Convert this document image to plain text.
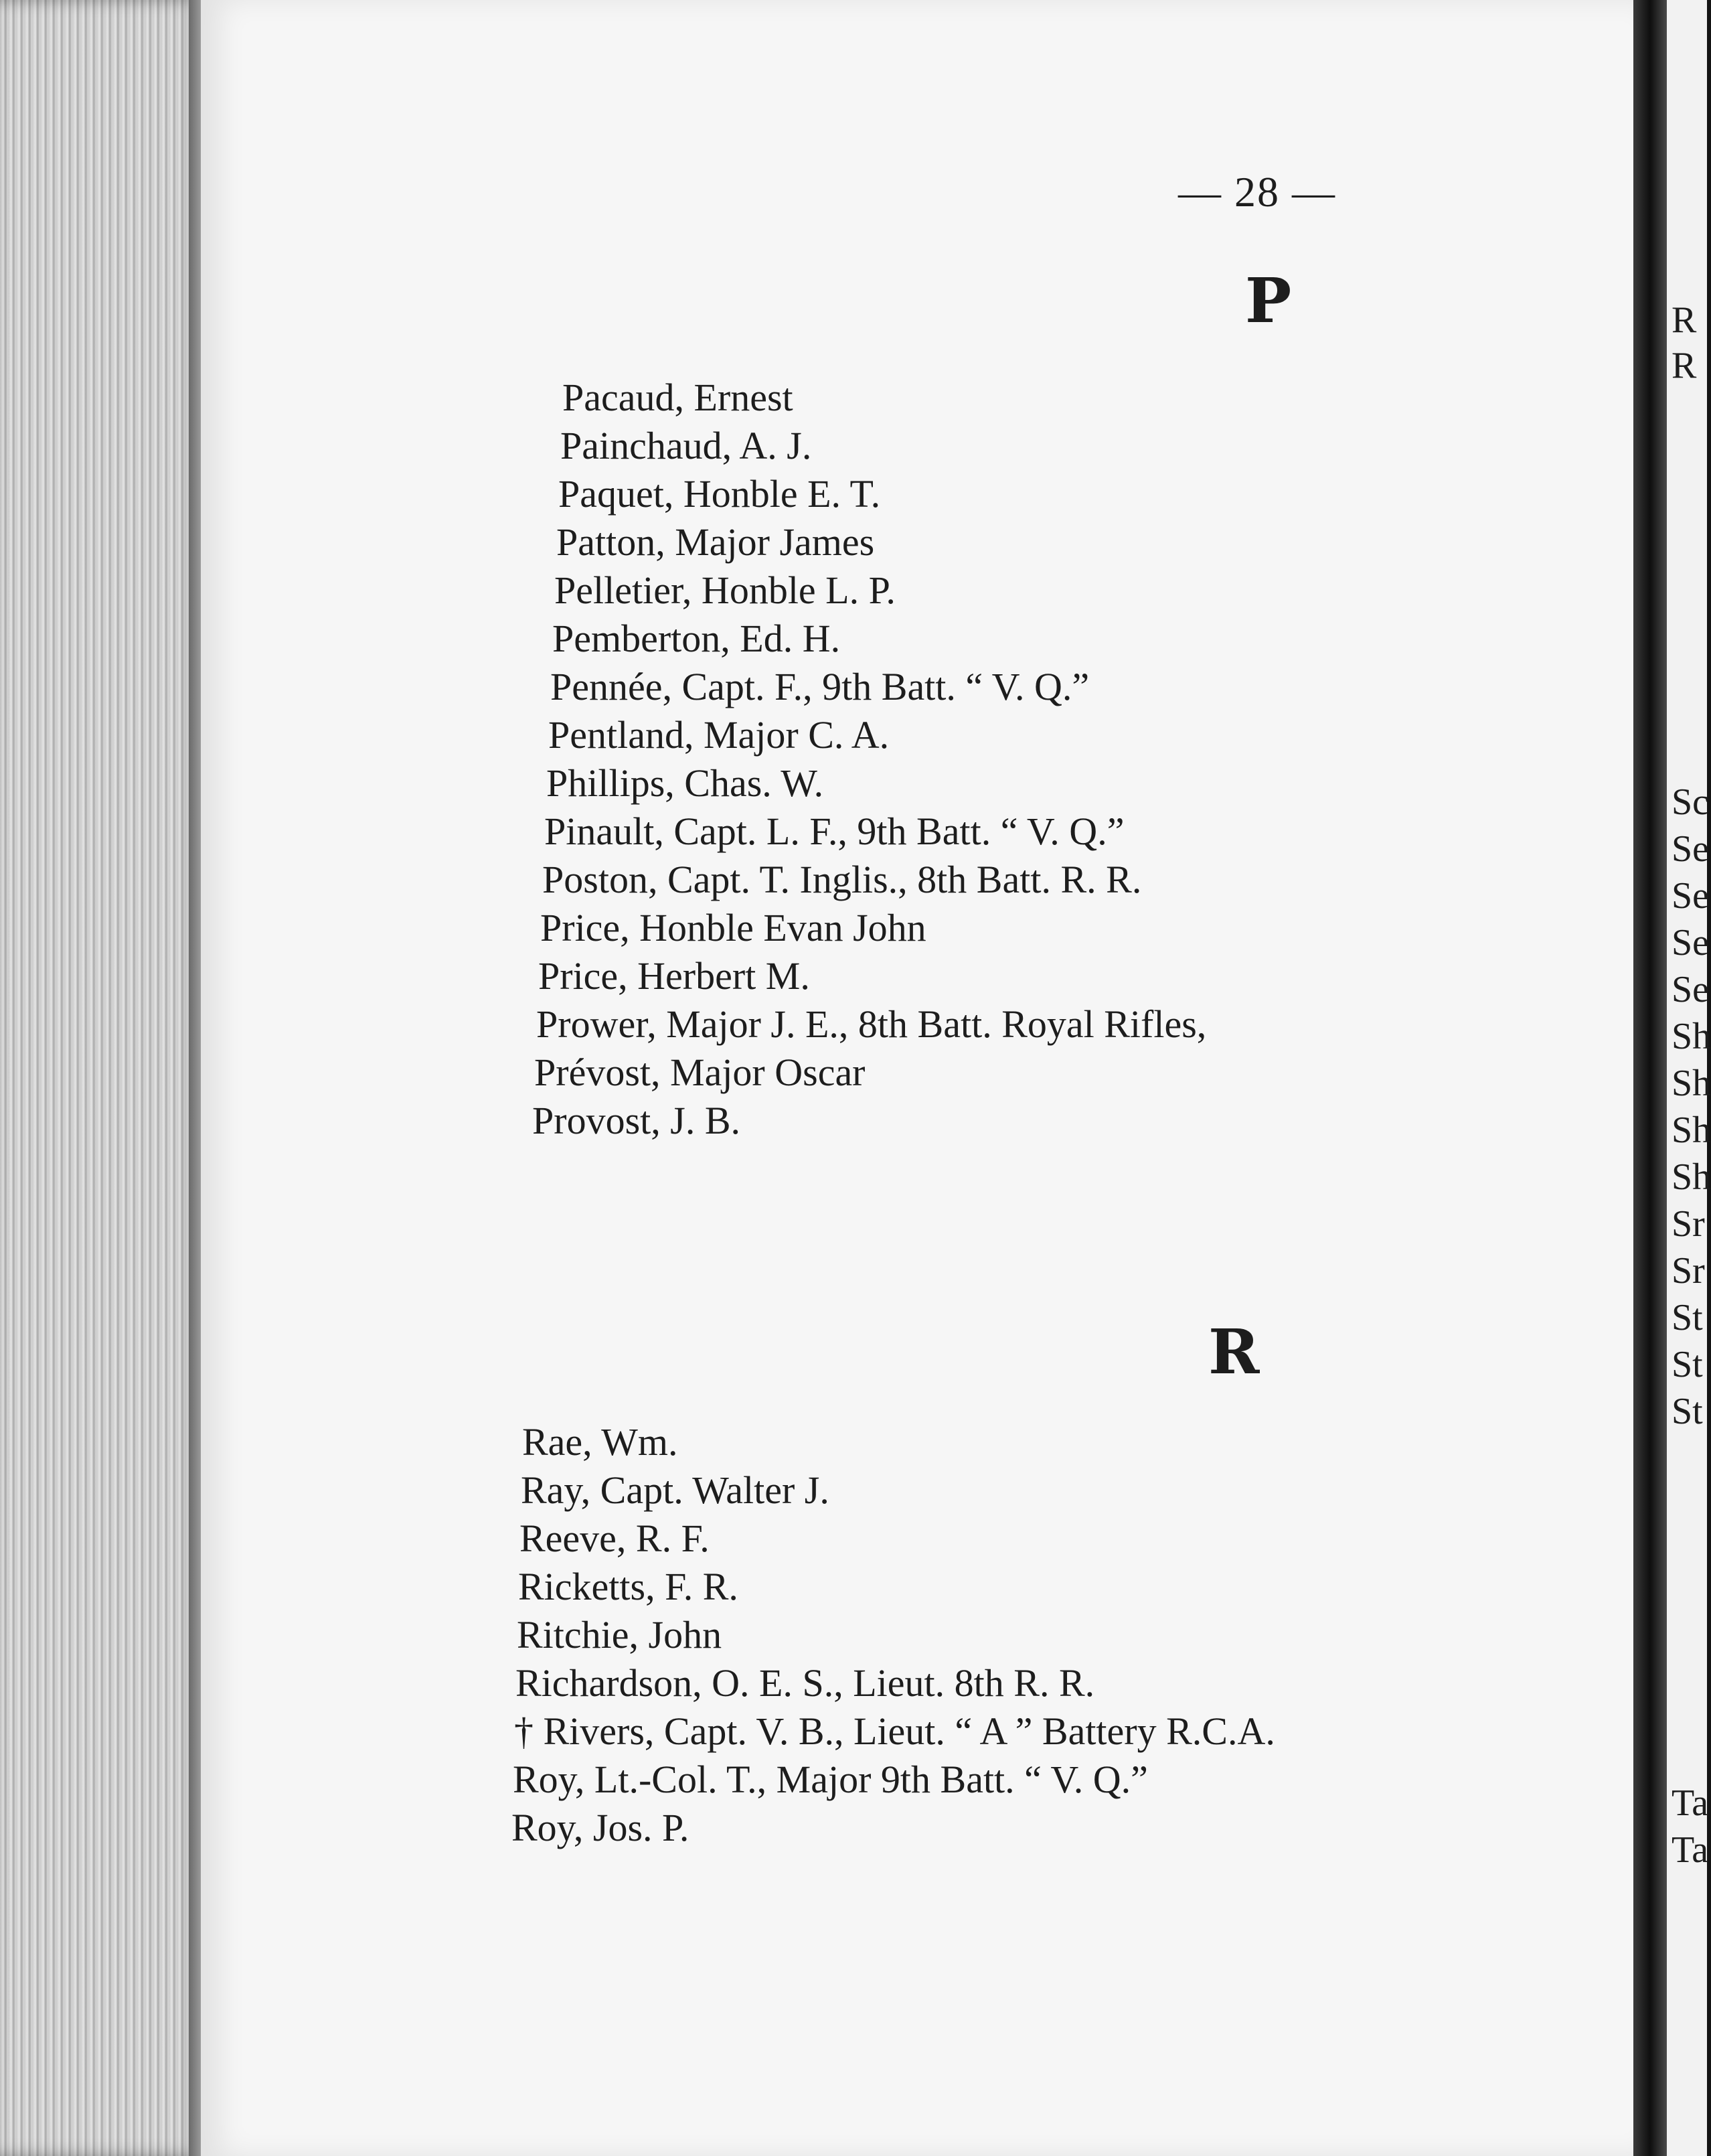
— 28 —
P
Pacaud, Ernest
Painchaud, A. J.
Paquet, Honble E. T.
Patton, Major James
Pelletier, Honble L. P.
Pemberton, Ed. H.
Pennée, Capt. F., 9th Batt. “ V. Q.”
Pentland, Major C. A.
Phillips, Chas. W.
Pinault, Capt. L. F., 9th Batt. “ V. Q.”
Poston, Capt. T. Inglis., 8th Batt. R. R.
Price, Honble Evan John
Price, Herbert M.
Prower, Major J. E., 8th Batt. Royal Rifles,
Prévost, Major Oscar
Provost, J. B.
R
Rae, Wm.
Ray, Capt. Walter J.
Reeve, R. F.
Ricketts, F. R.
Ritchie, John
Richardson, O. E. S., Lieut. 8th R. R.
† Rivers, Capt. V. B., Lieut. “ A ” Battery R.C.A.
Roy, Lt.-Col. T., Major 9th Batt. “ V. Q.”
Roy, Jos. P.
R
R
Sc
Se
Se
Se
Se
Sh
Sh
Sh
Sh
Sr
Sr
St
St
St
Ta
Ta
